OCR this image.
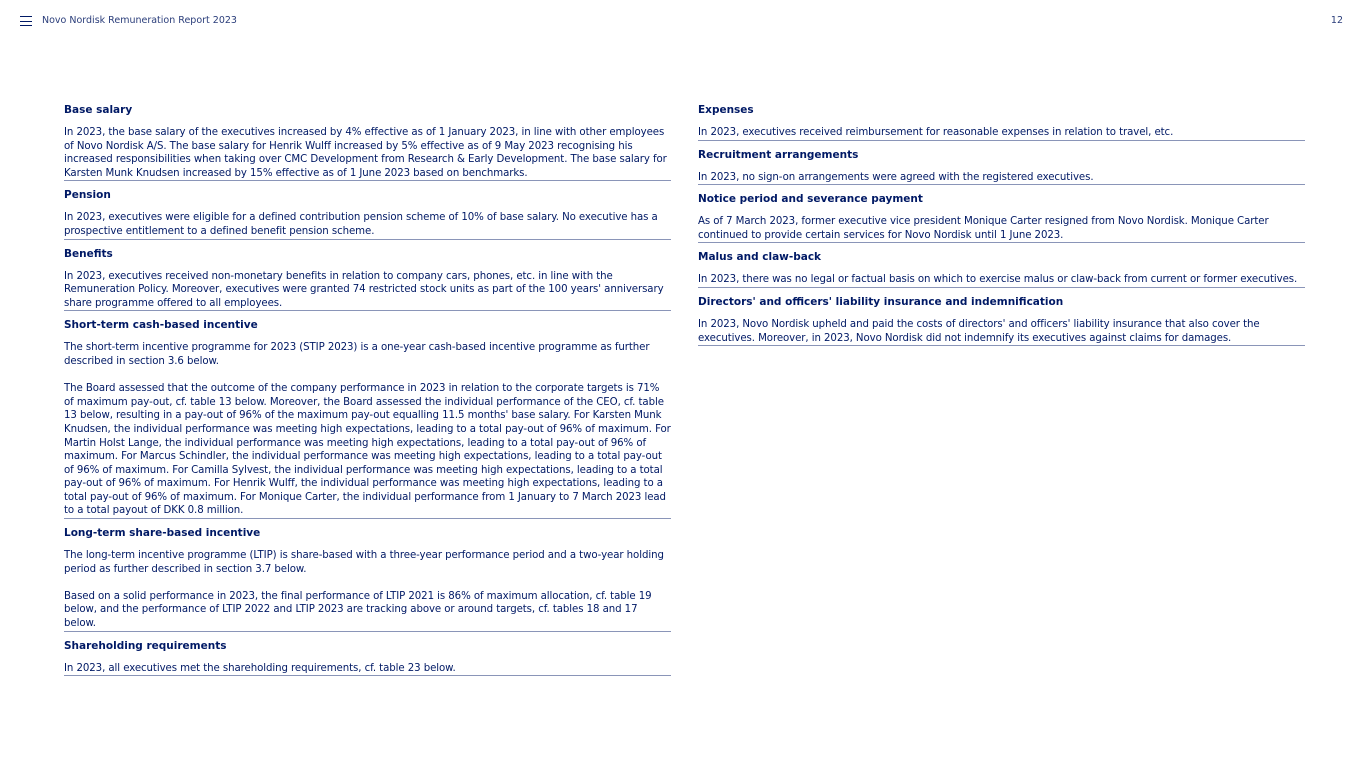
Novo Nordisk Remuneration Report 2023	12
Base salary

In 2023, the base salary of the executives increased by 4% effective as of 1 January 2023, in line with other employees of Novo Nordisk A/S. The base salary for Henrik Wulff increased by 5% effective as of 9 May 2023 recognising his increased responsibilities when taking over CMC Development from Research & Early Development. The base salary for Karsten Munk Knudsen increased by 15% effective as of 1 June 2023 based on benchmarks.

Pension

In 2023, executives were eligible for a defined contribution pension scheme of 10% of base salary. No executive has a prospective entitlement to a defined benefit pension scheme.

Benefits

In 2023, executives received non-monetary benefits in relation to company cars, phones, etc. in line with the Remuneration Policy. Moreover, executives were granted 74 restricted stock units as part of the 100 years' anniversary share programme offered to all employees.

Short-term cash-based incentive

The short-term incentive programme for 2023 (STIP 2023) is a one-year cash-based incentive programme as further described in section 3.6 below.

The Board assessed that the outcome of the company performance in 2023 in relation to the corporate targets is 71% of maximum pay-out, cf. table 13 below. Moreover, the Board assessed the individual performance of the CEO, cf. table 13 below, resulting in a pay-out of 96% of the maximum pay-out equalling 11.5 months' base salary. For Karsten Munk Knudsen, the individual performance was meeting high expectations, leading to a total pay-out of 96% of maximum. For Martin Holst Lange, the individual performance was meeting high expectations, leading to a total pay-out of 96% of maximum. For Marcus Schindler, the individual performance was meeting high expectations, leading to a total pay-out of 96% of maximum. For Camilla Sylvest, the individual performance was meeting high expectations, leading to a total pay-out of 96% of maximum. For Henrik Wulff, the individual performance was meeting high expectations, leading to a total pay-out of 96% of maximum. For Monique Carter, the individual performance from 1 January to 7 March 2023 lead to a total payout of DKK 0.8 million.

Long-term share-based incentive

The long-term incentive programme (LTIP) is share-based with a three-year performance period and a two-year holding period as further described in section 3.7 below.

Based on a solid performance in 2023, the final performance of LTIP 2021 is 86% of maximum allocation, cf. table 19 below, and the performance of LTIP 2022 and LTIP 2023 are tracking above or around targets, cf. tables 18 and 17 below.

Shareholding requirements

In 2023, all executives met the shareholding requirements, cf. table 23 below.

Expenses

In 2023, executives received reimbursement for reasonable expenses in relation to travel, etc.

Recruitment arrangements

In 2023, no sign-on arrangements were agreed with the registered executives.

Notice period and severance payment

As of 7 March 2023, former executive vice president Monique Carter resigned from Novo Nordisk. Monique Carter continued to provide certain services for Novo Nordisk until 1 June 2023.

Malus and claw-back

In 2023, there was no legal or factual basis on which to exercise malus or claw-back from current or former executives.

Directors' and officers' liability insurance and indemnification

In 2023, Novo Nordisk upheld and paid the costs of directors' and officers' liability insurance that also cover the executives. Moreover, in 2023, Novo Nordisk did not indemnify its executives against claims for damages.
